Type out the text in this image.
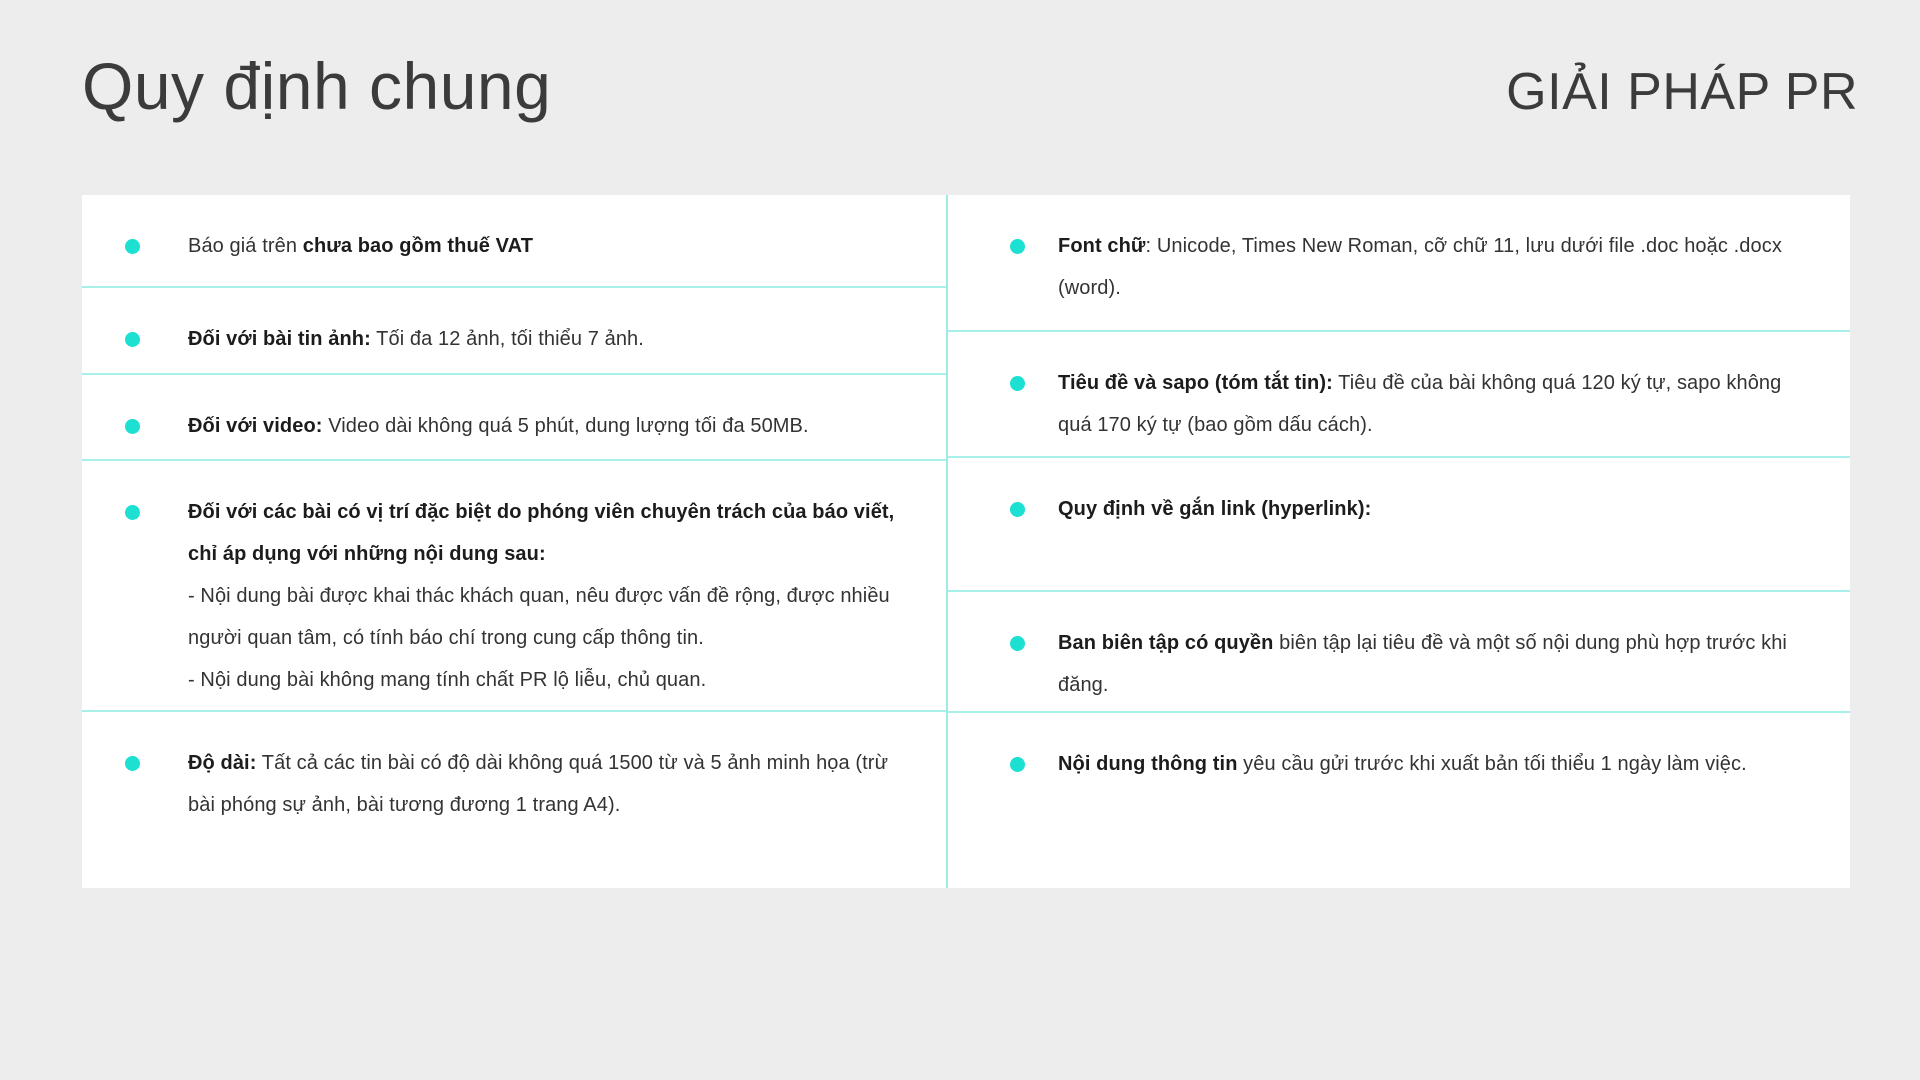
Quy định chung	GIẢI PHÁP PR
Báo giá trên chưa bao gồm thuế VAT
Đối với bài tin ảnh: Tối đa 12 ảnh, tối thiểu 7 ảnh.
Đối với video: Video dài không quá 5 phút, dung lượng tối đa 50MB.
Đối với các bài có vị trí đặc biệt do phóng viên chuyên trách của báo viết, chỉ áp dụng với những nội dung sau:
- Nội dung bài được khai thác khách quan, nêu được vấn đề rộng, được nhiều người quan tâm, có tính báo chí trong cung cấp thông tin.
- Nội dung bài không mang tính chất PR lộ liễu, chủ quan.
Độ dài: Tất cả các tin bài có độ dài không quá 1500 từ và 5 ảnh minh họa (trừ bài phóng sự ảnh, bài tương đương 1 trang A4).
Font chữ: Unicode, Times New Roman, cỡ chữ 11, lưu dưới file .doc hoặc .docx (word).
Tiêu đề và sapo (tóm tắt tin): Tiêu đề của bài không quá 120 ký tự, sapo không quá 170 ký tự (bao gồm dấu cách).
Quy định về gắn link (hyperlink):
Ban biên tập có quyền biên tập lại tiêu đề và một số nội dung phù hợp trước khi đăng.
Nội dung thông tin yêu cầu gửi trước khi xuất bản tối thiểu 1 ngày làm việc.
